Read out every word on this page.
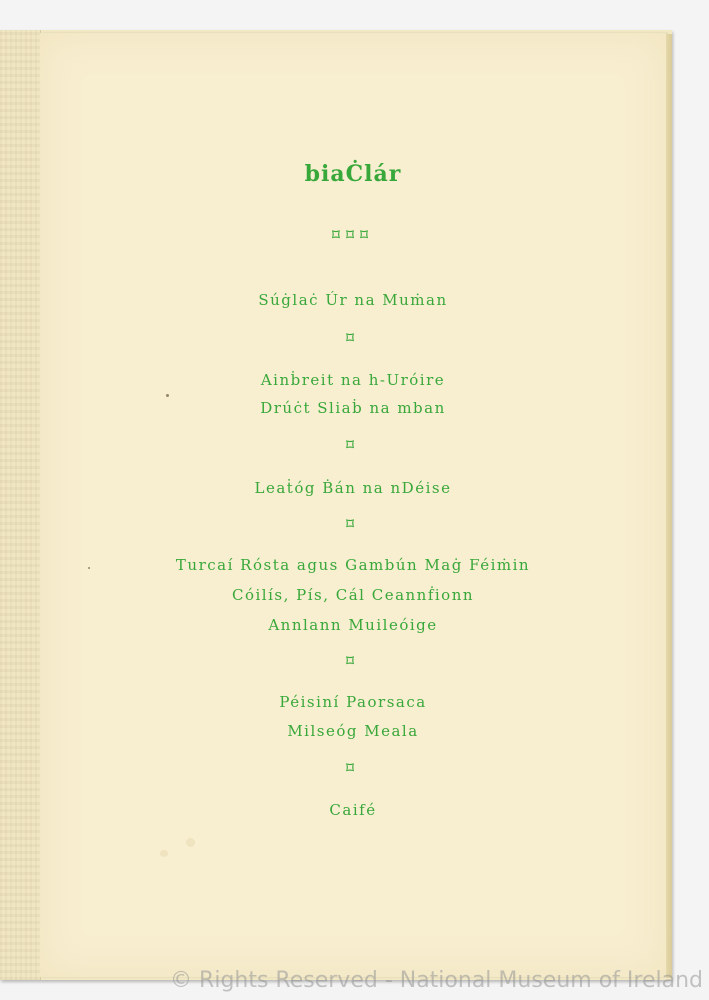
biaĊlár
⌑⌑⌑
Súġlaċ Úr na Muṁan
⌑
Ainḃreit na h-Uróire
Drúċt Sliaḃ na mban
⌑
Leaṫóg Ḃán na nDéise
⌑
Turcaí Rósta agus Gambún Maġ Féiṁin
Cóilís, Pís, Cál Ceannḟionn
Annlann Muileóige
⌑
Péisiní Paorsaca
Milseóg Meala
⌑
Caifé
© Rights Reserved - National Museum of Ireland
